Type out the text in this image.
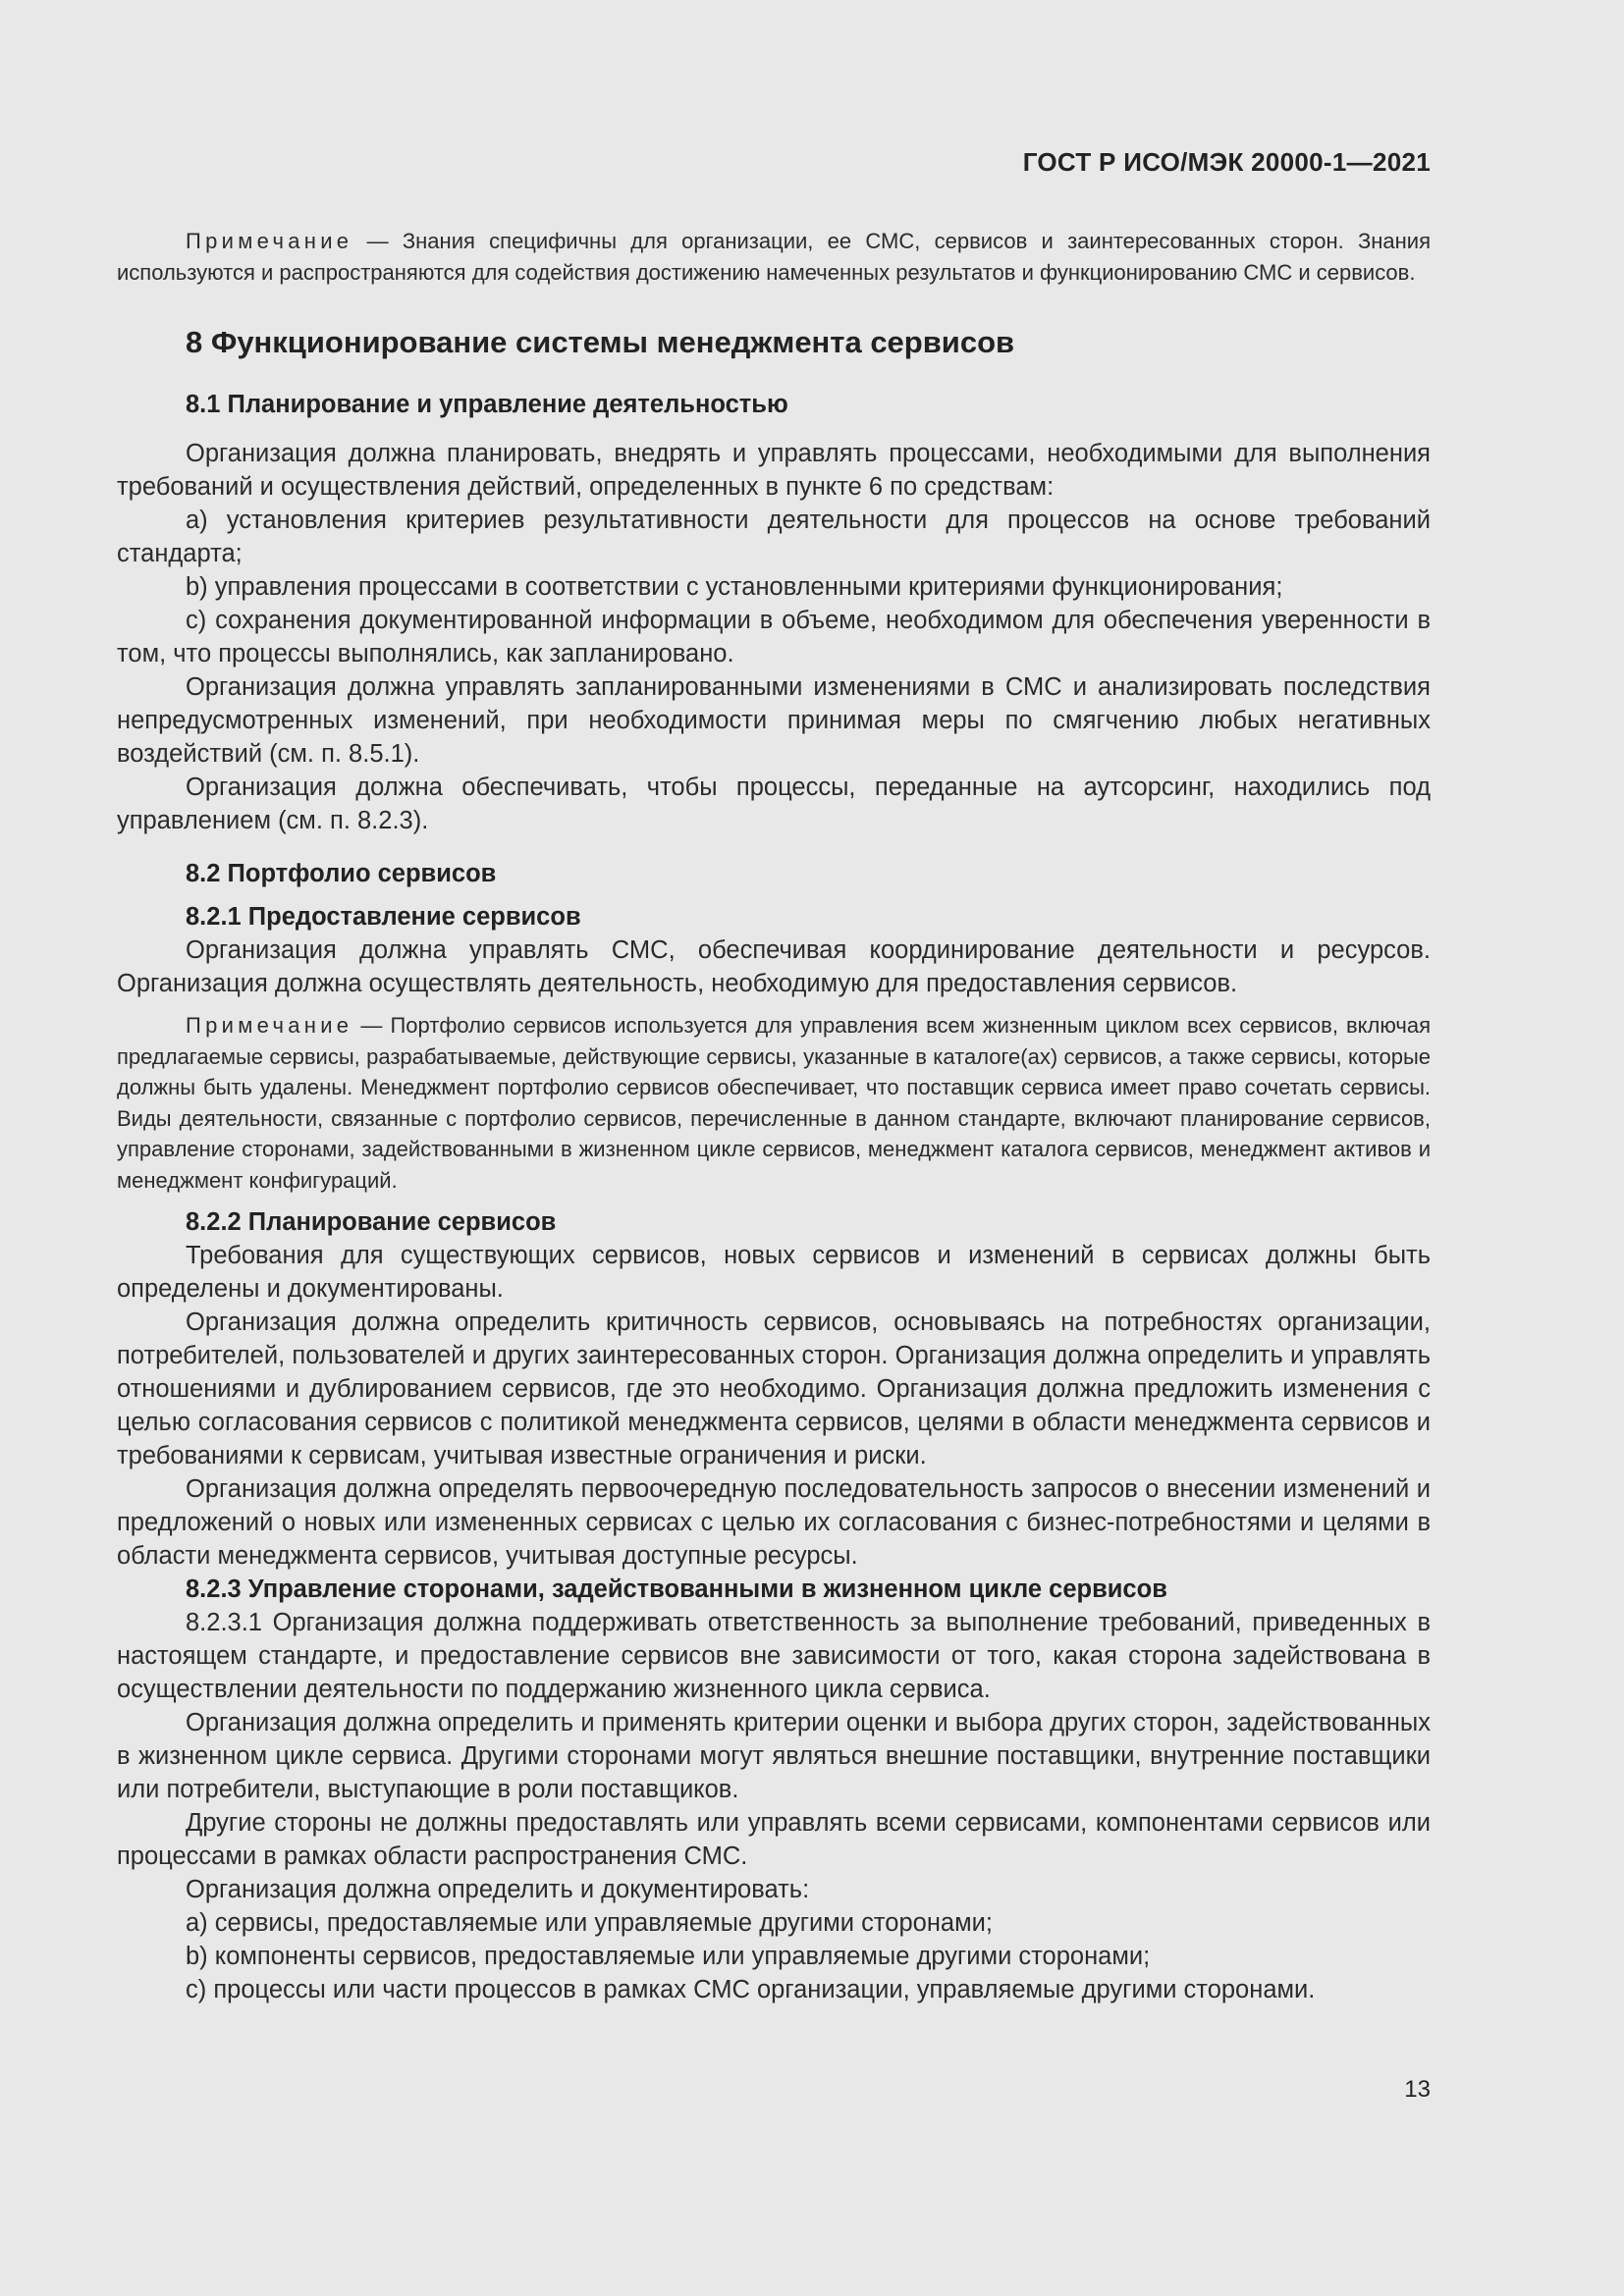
ГОСТ Р ИСО/МЭК 20000-1—2021

Примечание — Знания специфичны для организации, ее СМС, сервисов и заинтересованных сторон. Знания используются и распространяются для содействия достижению намеченных результатов и функционированию СМС и сервисов.

8 Функционирование системы менеджмента сервисов
8.1 Планирование и управление деятельностью

Организация должна планировать, внедрять и управлять процессами, необходимыми для выполнения требований и осуществления действий, определенных в пункте 6 по средствам:

а) установления критериев результативности деятельности для процессов на основе требований стандарта;

b) управления процессами в соответствии с установленными критериями функционирования;

с) сохранения документированной информации в объеме, необходимом для обеспечения уверенности в том, что процессы выполнялись, как запланировано.

Организация должна управлять запланированными изменениями в СМС и анализировать последствия непредусмотренных изменений, при необходимости принимая меры по смягчению любых негативных воздействий (см. п. 8.5.1).

Организация должна обеспечивать, чтобы процессы, переданные на аутсорсинг, находились под управлением (см. п. 8.2.3).

8.2 Портфолио сервисов
8.2.1 Предоставление сервисов

Организация должна управлять СМС, обеспечивая координирование деятельности и ресурсов. Организация должна осуществлять деятельность, необходимую для предоставления сервисов.

Примечание — Портфолио сервисов используется для управления всем жизненным циклом всех сервисов, включая предлагаемые сервисы, разрабатываемые, действующие сервисы, указанные в каталоге(ах) сервисов, а также сервисы, которые должны быть удалены. Менеджмент портфолио сервисов обеспечивает, что поставщик сервиса имеет право сочетать сервисы. Виды деятельности, связанные с портфолио сервисов, перечисленные в данном стандарте, включают планирование сервисов, управление сторонами, задействованными в жизненном цикле сервисов, менеджмент каталога сервисов, менеджмент активов и менеджмент конфигураций.

8.2.2 Планирование сервисов

Требования для существующих сервисов, новых сервисов и изменений в сервисах должны быть определены и документированы.

Организация должна определить критичность сервисов, основываясь на потребностях организации, потребителей, пользователей и других заинтересованных сторон. Организация должна определить и управлять отношениями и дублированием сервисов, где это необходимо. Организация должна предложить изменения с целью согласования сервисов с политикой менеджмента сервисов, целями в области менеджмента сервисов и требованиями к сервисам, учитывая известные ограничения и риски.

Организация должна определять первоочередную последовательность запросов о внесении изменений и предложений о новых или измененных сервисах с целью их согласования с бизнес-потребностями и целями в области менеджмента сервисов, учитывая доступные ресурсы.

8.2.3 Управление сторонами, задействованными в жизненном цикле сервисов

8.2.3.1 Организация должна поддерживать ответственность за выполнение требований, приведенных в настоящем стандарте, и предоставление сервисов вне зависимости от того, какая сторона задействована в осуществлении деятельности по поддержанию жизненного цикла сервиса.

Организация должна определить и применять критерии оценки и выбора других сторон, задействованных в жизненном цикле сервиса. Другими сторонами могут являться внешние поставщики, внутренние поставщики или потребители, выступающие в роли поставщиков.

Другие стороны не должны предоставлять или управлять всеми сервисами, компонентами сервисов или процессами в рамках области распространения СМС.

Организация должна определить и документировать:

а) сервисы, предоставляемые или управляемые другими сторонами;

b) компоненты сервисов, предоставляемые или управляемые другими сторонами;

с) процессы или части процессов в рамках СМС организации, управляемые другими сторонами.

13
